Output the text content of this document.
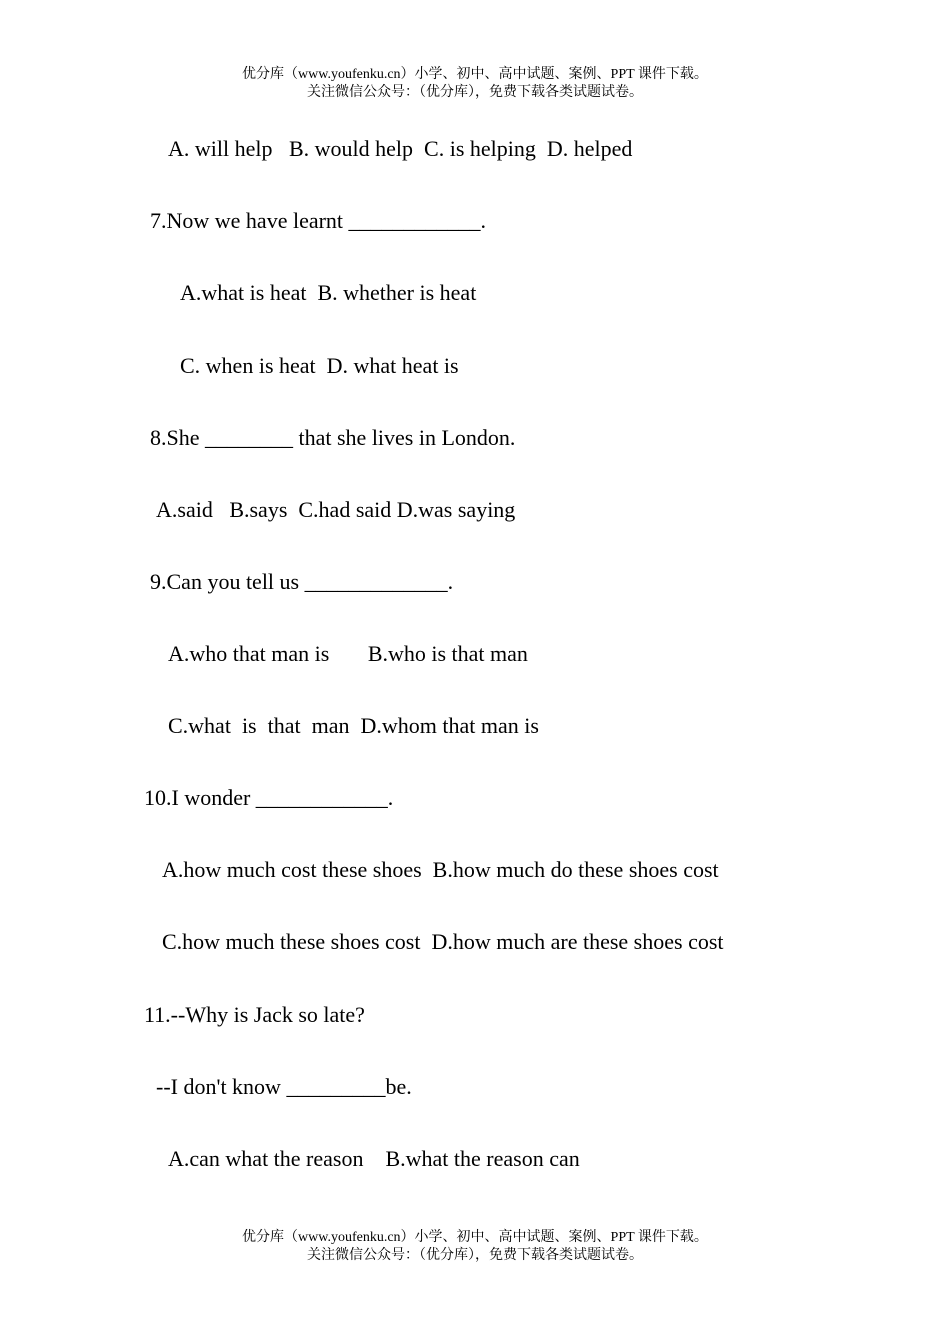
优分库（www.youfenku.cn）小学、初中、高中试题、案例、PPT 课件下载。
关注微信公众号：（优分库），免费下载各类试题试卷。
A. will help   B. would help  C. is helping  D. helped
7.Now we have learnt ____________.
A.what is heat  B. whether is heat
C. when is heat  D. what heat is
8.She ________ that she lives in London.
A.said   B.says  C.had said D.was saying
9.Can you tell us _____________.
A.who that man is       B.who is that man
C.what  is  that  man  D.whom that man is
10.I wonder ____________.
A.how much cost these shoes  B.how much do these shoes cost
C.how much these shoes cost  D.how much are these shoes cost
11.--Why is Jack so late?
--I don't know _________be.
A.can what the reason    B.what the reason can
优分库（www.youfenku.cn）小学、初中、高中试题、案例、PPT 课件下载。
关注微信公众号：（优分库），免费下载各类试题试卷。
